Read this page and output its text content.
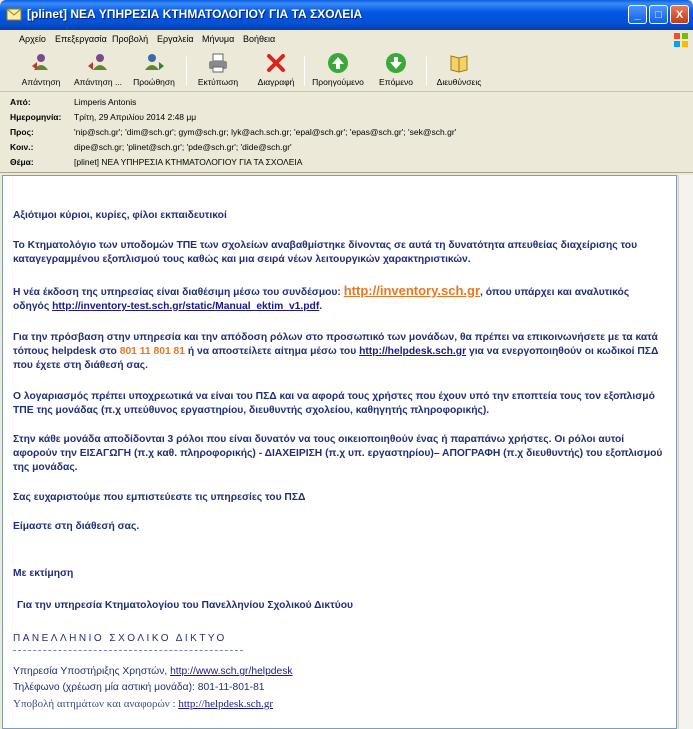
[plinet] ΝΕΑ ΥΠΗΡΕΣΙΑ ΚΤΗΜΑΤΟΛΟΓΙΟΥ ΓΙΑ ΤΑ ΣΧΟΛΕΙΑ	_	□	X
Αρχείο Επεξεργασία Προβολή Εργαλεία Μήνυμα Βοήθεια
Απάντηση	Απάντηση ...	Προώθηση	Εκτύπωση	Διαγραφή	Προηγούμενο	Επόμενο	Διευθύνσεις
Από:	Limperis Antonis
Ημερομηνία: Τρίτη, 29 Απριλίου 2014 2:48 μμ
Προς:	'nip@sch.gr'; 'dim@sch.gr'; gym@sch.gr; lyk@ach.sch.gr; 'epal@sch.gr'; 'epas@sch.gr'; 'sek@sch.gr'
Κοιν.:	dipe@sch.gr; 'plinet@sch.gr'; 'pde@sch.gr'; 'dide@sch.gr'
Θέμα:	[plinet] ΝΕΑ ΥΠΗΡΕΣΙΑ ΚΤΗΜΑΤΟΛΟΓΙΟΥ ΓΙΑ ΤΑ ΣΧΟΛΕΙΑ
Αξιότιμοι κύριοι, κυρίες, φίλοι εκπαιδευτικοί
Το Κτηματολόγιο των υποδομών ΤΠΕ των σχολείων αναβαθμίστηκε δίνοντας σε αυτά τη δυνατότητα απευθείας διαχείρισης του καταγεγραμμένου εξοπλισμού τους καθώς και μια σειρά νέων λειτουργικών χαρακτηριστικών.
Η νέα έκδοση της υπηρεσίας είναι διαθέσιμη μέσω του συνδέσμου: http://inventory.sch.gr, όπου υπάρχει και αναλυτικός
οδηγός http://inventory-test.sch.gr/static/Manual_ektim_v1.pdf.
Για την πρόσβαση στην υπηρεσία και την απόδοση ρόλων στο προσωπικό των μονάδων, θα πρέπει να επικοινωνήσετε με τα κατά τόπους helpdesk στο 801 11 801 81 ή να αποστείλετε αίτημα μέσω του http://helpdesk.sch.gr για να ενεργοποιηθούν οι κωδικοί ΠΣΔ που έχετε στη διάθεσή σας.
Ο λογαριασμός πρέπει υποχρεωτικά να είναι του ΠΣΔ και να αφορά τους χρήστες που έχουν υπό την εποπτεία τους τον εξοπλισμό ΤΠΕ της μονάδας (π.χ υπεύθυνος εργαστηρίου, διευθυντής σχολείου, καθηγητής πληροφορικής).
Στην κάθε μονάδα αποδίδονται 3 ρόλοι που είναι δυνατόν να τους οικειοποιηθούν ένας ή παραπάνω χρήστες. Οι ρόλοι αυτοί αφορούν την ΕΙΣΑΓΩΓΗ (π.χ καθ. πληροφορικής) - ΔΙΑΧΕΙΡΙΣΗ (π.χ υπ. εργαστηρίου)– ΑΠΟΓΡΑΦΗ (π.χ διευθυντής) του εξοπλισμού της μονάδας.
Σας ευχαριστούμε που εμπιστεύεστε τις υπηρεσίες του ΠΣΔ
Είμαστε στη διάθεσή σας.
Με εκτίμηση
Για την υπηρεσία Κτηματολογίου του Πανελληνίου Σχολικού Δικτύου
ΠΑΝΕΛΛΗΝΙΟ ΣΧΟΛΙΚΟ ΔΙΚΤΥΟ
Υπηρεσία Υποστήριξης Χρηστών, http://www.sch.gr/helpdesk
Τηλέφωνο (χρέωση μία αστική μονάδα): 801-11-801-81
Υποβολή αιτημάτων και αναφορών : http://helpdesk.sch.gr
